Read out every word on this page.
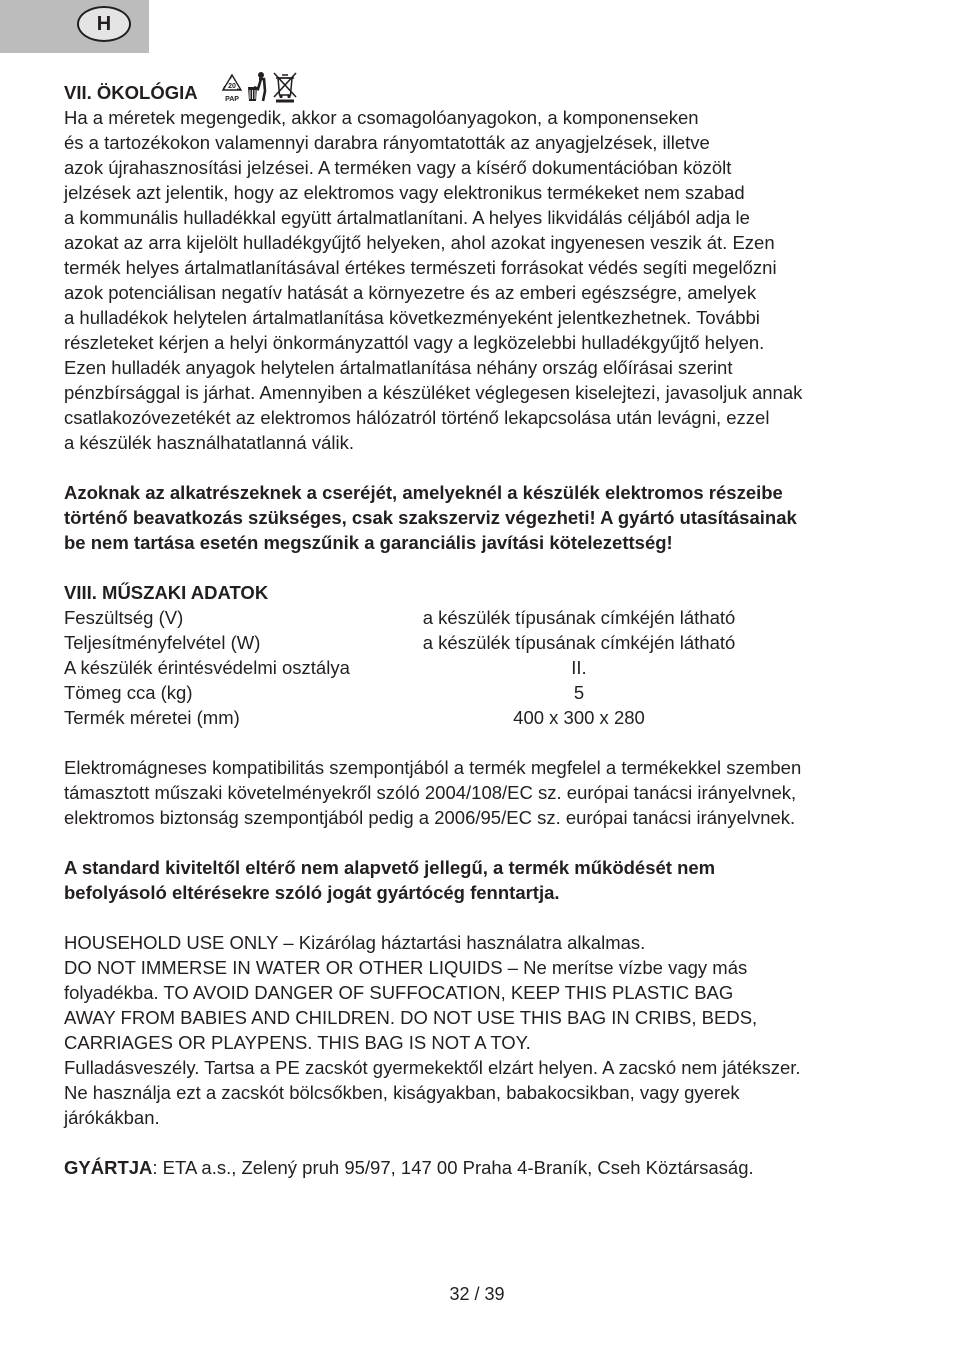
H
VII. ÖKOLÓGIA	20
PAP
Ha a méretek megengedik, akkor a csomagolóanyagokon, a komponenseken
és a tartozékokon valamennyi darabra rányomtatották az anyagjelzések, illetve
azok újrahasznosítási jelzései. A terméken vagy a kísérő dokumentációban közölt
jelzések azt jelentik, hogy az elektromos vagy elektronikus termékeket nem szabad
a kommunális hulladékkal együtt ártalmatlanítani. A helyes likvidálás céljából adja le
azokat az arra kijelölt hulladékgyűjtő helyeken, ahol azokat ingyenesen veszik át. Ezen
termék helyes ártalmatlanításával értékes természeti forrásokat védés segíti megelőzni
azok potenciálisan negatív hatását a környezetre és az emberi egészségre, amelyek
a hulladékok helytelen ártalmatlanítása következményeként jelentkezhetnek. További
részleteket kérjen a helyi önkormányzattól vagy a legközelebbi hulladékgyűjtő helyen.
Ezen hulladék anyagok helytelen ártalmatlanítása néhány ország előírásai szerint
pénzbírsággal is járhat. Amennyiben a készüléket véglegesen kiselejtezi, javasoljuk annak
csatlakozóvezetékét az elektromos hálózatról történő lekapcsolása után levágni, ezzel
a készülék használhatatlanná válik.
Azoknak az alkatrészeknek a cseréjét, amelyeknél a készülék elektromos részeibe
történő beavatkozás szükséges, csak szakszerviz végezheti! A gyártó utasításainak
be nem tartása esetén megszűnik a garanciális javítási kötelezettség!
VIII. MŰSZAKI ADATOK
Feszültség (V)	a készülék típusának címkéjén látható
Teljesítményfelvétel (W)	a készülék típusának címkéjén látható
A készülék érintésvédelmi osztálya	II.
Tömeg cca (kg)	5
Termék méretei (mm)	400 x 300 x 280
Elektromágneses kompatibilitás szempontjából a termék megfelel a termékekkel szemben
támasztott műszaki követelményekről szóló 2004/108/EC sz. európai tanácsi irányelvnek,
elektromos biztonság szempontjából pedig a 2006/95/EC sz. európai tanácsi irányelvnek.
A standard kiviteltől eltérő nem alapvető jellegű, a termék működését nem
befolyásoló eltérésekre szóló jogát gyártócég fenntartja.
HOUSEHOLD USE ONLY – Kizárólag háztartási használatra alkalmas.
DO NOT IMMERSE IN WATER OR OTHER LIQUIDS – Ne merítse vízbe vagy más
folyadékba. TO AVOID DANGER OF SUFFOCATION, KEEP THIS PLASTIC BAG
AWAY FROM BABIES AND CHILDREN. DO NOT USE THIS BAG IN CRIBS, BEDS,
CARRIAGES OR PLAYPENS. THIS BAG IS NOT A TOY.
Fulladásveszély. Tartsa a PE zacskót gyermekektől elzárt helyen. A zacskó nem játékszer.
Ne használja ezt a zacskót bölcsőkben, kiságyakban, babakocsikban, vagy gyerek
járókákban.
GYÁRTJA: ETA a.s., Zelený pruh 95/97, 147 00 Praha 4-Braník, Cseh Köztársaság.
32 / 39
